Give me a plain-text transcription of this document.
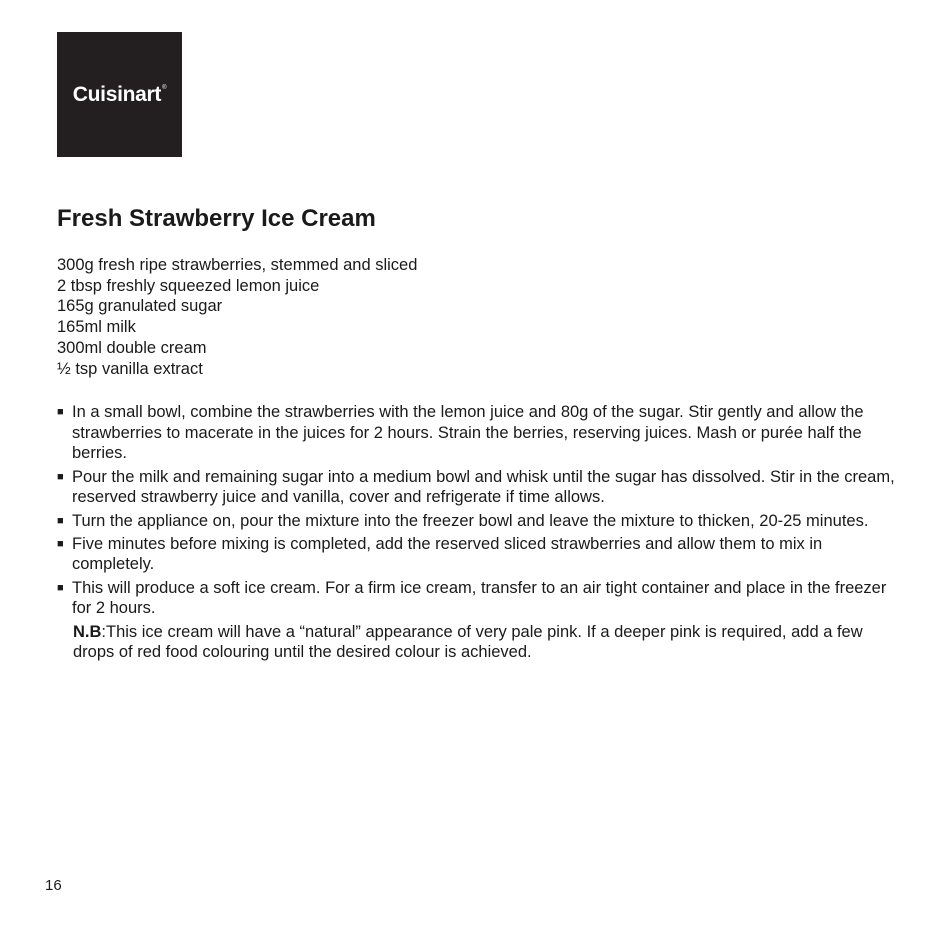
Cuisinart®
Fresh Strawberry Ice Cream
300g fresh ripe strawberries, stemmed and sliced
2 tbsp freshly squeezed lemon juice
165g granulated sugar
165ml milk
300ml double cream
½ tsp vanilla extract
■ In a small bowl, combine the strawberries with the lemon juice and 80g of the sugar. Stir gently and allow the strawberries to macerate in the juices for 2 hours. Strain the berries, reserving juices. Mash or purée half the berries.
■ Pour the milk and remaining sugar into a medium bowl and whisk until the sugar has dissolved. Stir in the cream, reserved strawberry juice and vanilla, cover and refrigerate if time allows.
■ Turn the appliance on, pour the mixture into the freezer bowl and leave the mixture to thicken, 20-25 minutes.
■ Five minutes before mixing is completed, add the reserved sliced strawberries and allow them to mix in completely.
■ This will produce a soft ice cream. For a firm ice cream, transfer to an air tight container and place in the freezer for 2 hours.
N.B:This ice cream will have a “natural” appearance of very pale pink. If a deeper pink is required, add a few drops of red food colouring until the desired colour is achieved.
16
